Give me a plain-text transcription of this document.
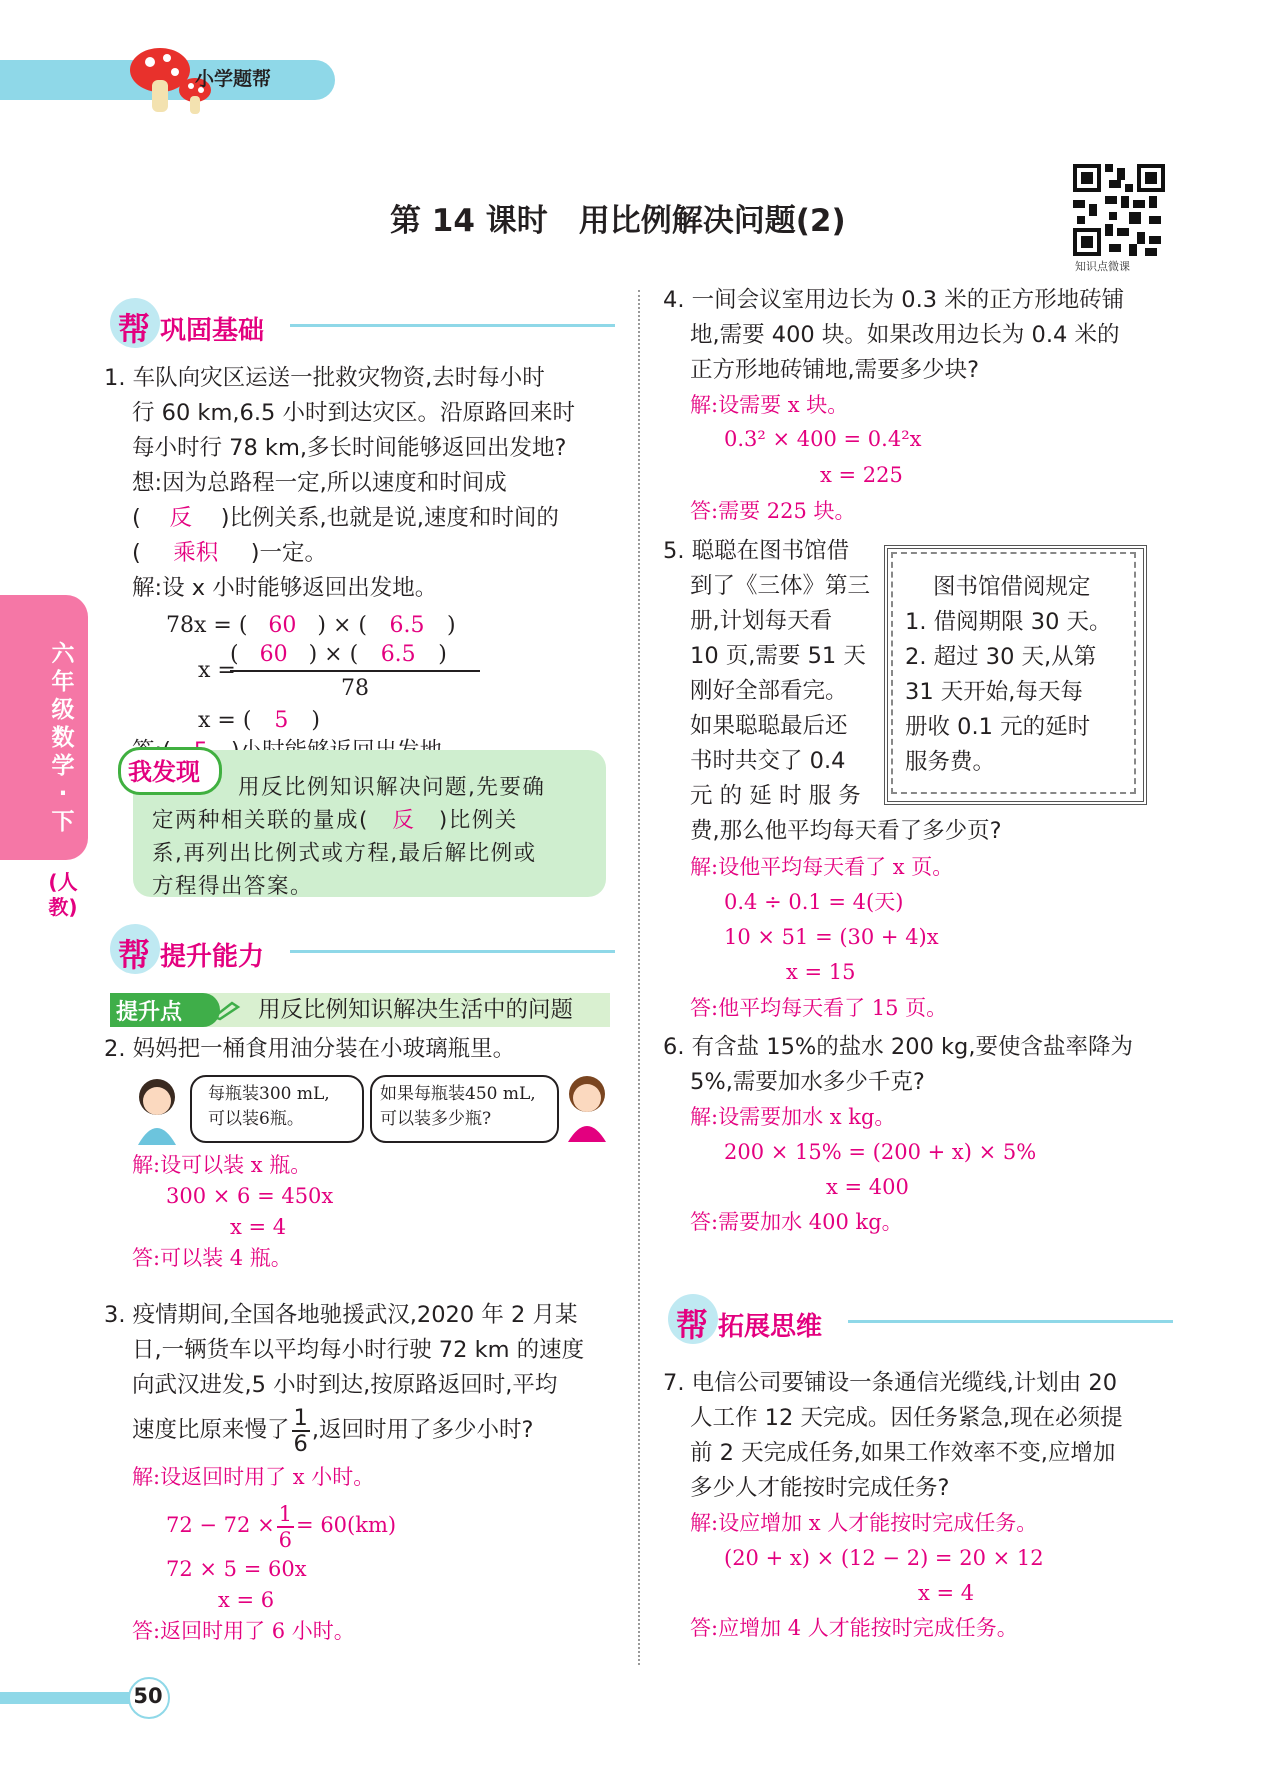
小学题帮
第 14 课时　用比例解决问题(2)
知识点微课
六年级数学·下
(人教)
帮 巩固基础
1. 车队向灾区运送一批救灾物资,去时每小时
行 60 km,6.5 小时到达灾区。沿原路回来时
每小时行 78 km,多长时间能够返回出发地?
想:因为总路程一定,所以速度和时间成
( 反 )比例关系,也就是说,速度和时间的
( 乘积 )一定。
解:设 x 小时能够返回出发地。
78x = ( 60 ) × ( 6.5 )
x =
( 60 ) × ( 6.5 )
78
x = ( 5 )
我发现
用反比例知识解决问题,先要确
定两种相关联的量成( 反 )比例关
系,再列出比例式或方程,最后解比例或
方程得出答案。
帮 提升能力
提升点	用反比例知识解决生活中的问题
2. 妈妈把一桶食用油分装在小玻璃瓶里。
每瓶装300 mL,
可以装6瓶。
如果每瓶装450 mL,
可以装多少瓶?
解:设可以装 x 瓶。
300 × 6 = 450x
x = 4
答:可以装 4 瓶。
3. 疫情期间,全国各地驰援武汉,2020 年 2 月某
日,一辆货车以平均每小时行驶 72 km 的速度
向武汉进发,5 小时到达,按原路返回时,平均
速度比原来慢了 $\frac{1}{6}$ ,返回时用了多少小时?
解:设返回时用了 x 小时。
$72 - 72 \times \frac{1}{6} = 60(km)$
72 × 5 = 60x
x = 6
答:返回时用了 6 小时。
4. 一间会议室用边长为 0.3 米的正方形地砖铺
地,需要 400 块。如果改用边长为 0.4 米的
正方形地砖铺地,需要多少块?
解:设需要 x 块。
0.3² × 400 = 0.4²x
x = 225
答:需要 225 块。
5. 聪聪在图书馆借
到了《三体》第三
册,计划每天看
10 页,需要 51 天
刚好全部看完。
如果聪聪最后还
书时共交了 0.4
元 的 延 时 服 务
费,那么他平均每天看了多少页?
图书馆借阅规定
1. 借阅期限 30 天。
2. 超过 30 天,从第
31 天开始,每天每
册收 0.1 元的延时
服务费。
解:设他平均每天看了 x 页。
0.4 ÷ 0.1 = 4(天)
10 × 51 = (30 + 4)x
x = 15
答:他平均每天看了 15 页。
6. 有含盐 15%的盐水 200 kg,要使含盐率降为
5%,需要加水多少千克?
解:设需要加水 x kg。
200 × 15% = (200 + x) × 5%
x = 400
答:需要加水 400 kg。
帮 拓展思维
7. 电信公司要铺设一条通信光缆线,计划由 20
人工作 12 天完成。因任务紧急,现在必须提
前 2 天完成任务,如果工作效率不变,应增加
多少人才能按时完成任务?
解:设应增加 x 人才能按时完成任务。
(20 + x) × (12 − 2) = 20 × 12
x = 4
答:应增加 4 人才能按时完成任务。
50
